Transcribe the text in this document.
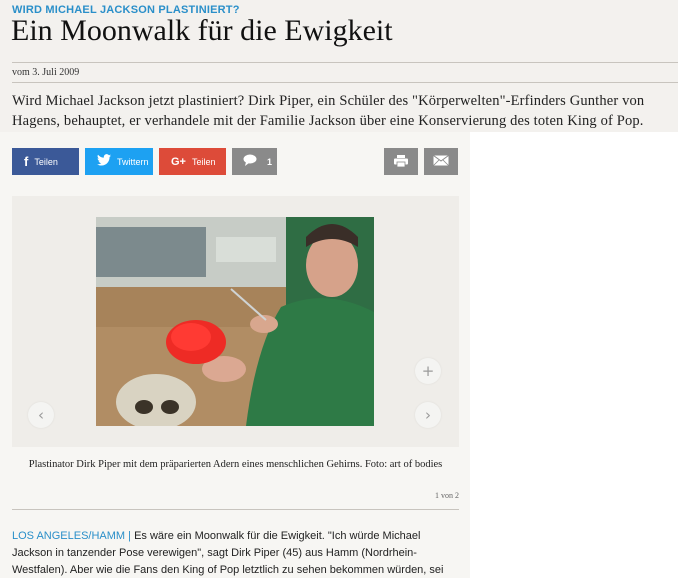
WIRD MICHAEL JACKSON PLASTINIERT?
Ein Moonwalk für die Ewigkeit
vom 3. Juli 2009
Wird Michael Jackson jetzt plastiniert? Dirk Piper, ein Schüler des "Körperwelten"-Erfinders Gunther von Hagens, behauptet, er verhandele mit der Familie Jackson über eine Konservierung des toten King of Pop.
f Teilen	Twittern G+ Teilen	1
+
‹	›
Plastinator Dirk Piper mit dem präparierten Adern eines menschlichen Gehirns. Foto: art of bodies
1 von 2
LOS ANGELES/HAMM | Es wäre ein Moonwalk für die Ewigkeit. "Ich würde Michael Jackson in tanzender Pose verewigen", sagt Dirk Piper (45) aus Hamm (Nordrhein-Westfalen). Aber wie die Fans den King of Pop letztlich zu sehen bekommen würden, sei
